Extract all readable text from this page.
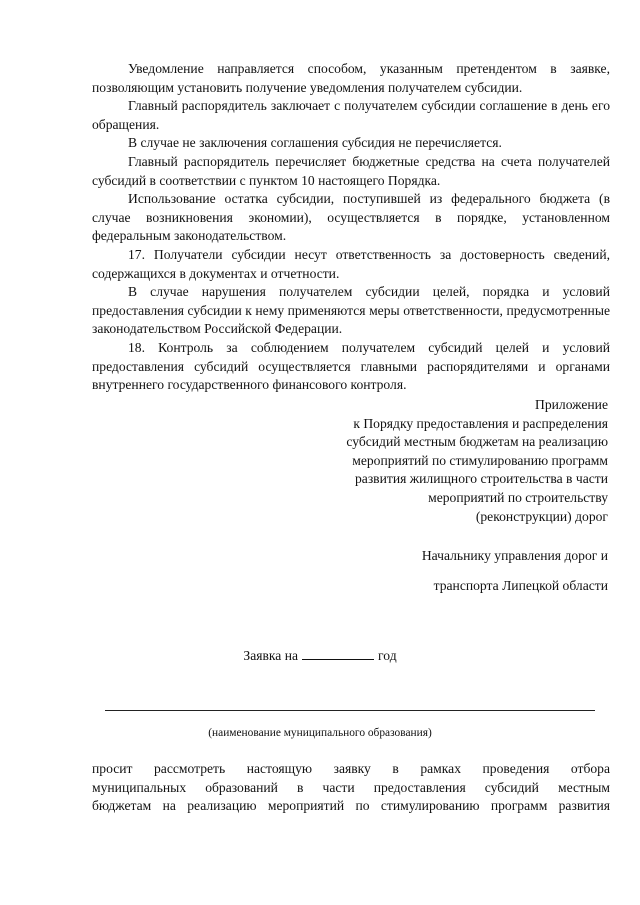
Уведомление направляется способом, указанным претендентом в заявке, позволяющим установить получение уведомления получателем субсидии.

Главный распорядитель заключает с получателем субсидии соглашение в день его обращения.

В случае не заключения соглашения субсидия не перечисляется.

Главный распорядитель перечисляет бюджетные средства на счета получателей субсидий в соответствии с пунктом 10 настоящего Порядка.

Использование остатка субсидии, поступившей из федерального бюджета (в случае возникновения экономии), осуществляется в порядке, установленном федеральным законодательством.

17. Получатели субсидии несут ответственность за достоверность сведений, содержащихся в документах и отчетности.

В случае нарушения получателем субсидии целей, порядка и условий предоставления субсидии к нему применяются меры ответственности, предусмотренные законодательством Российской Федерации.

18. Контроль за соблюдением получателем субсидий целей и условий предоставления субсидий осуществляется главными распорядителями и органами внутреннего государственного финансового контроля.

Приложение
к Порядку предоставления и распределения
субсидий местным бюджетам на реализацию
мероприятий по стимулированию программ
развития жилищного строительства в части
мероприятий по строительству
(реконструкции) дорог
Начальнику управления дорог и
транспорта Липецкой области
Заявка на	год
(наименование муниципального образования)

просит рассмотреть настоящую заявку в рамках проведения отбора

муниципальных образований в части предоставления субсидий местным

бюджетам на реализацию мероприятий по стимулированию программ развития
